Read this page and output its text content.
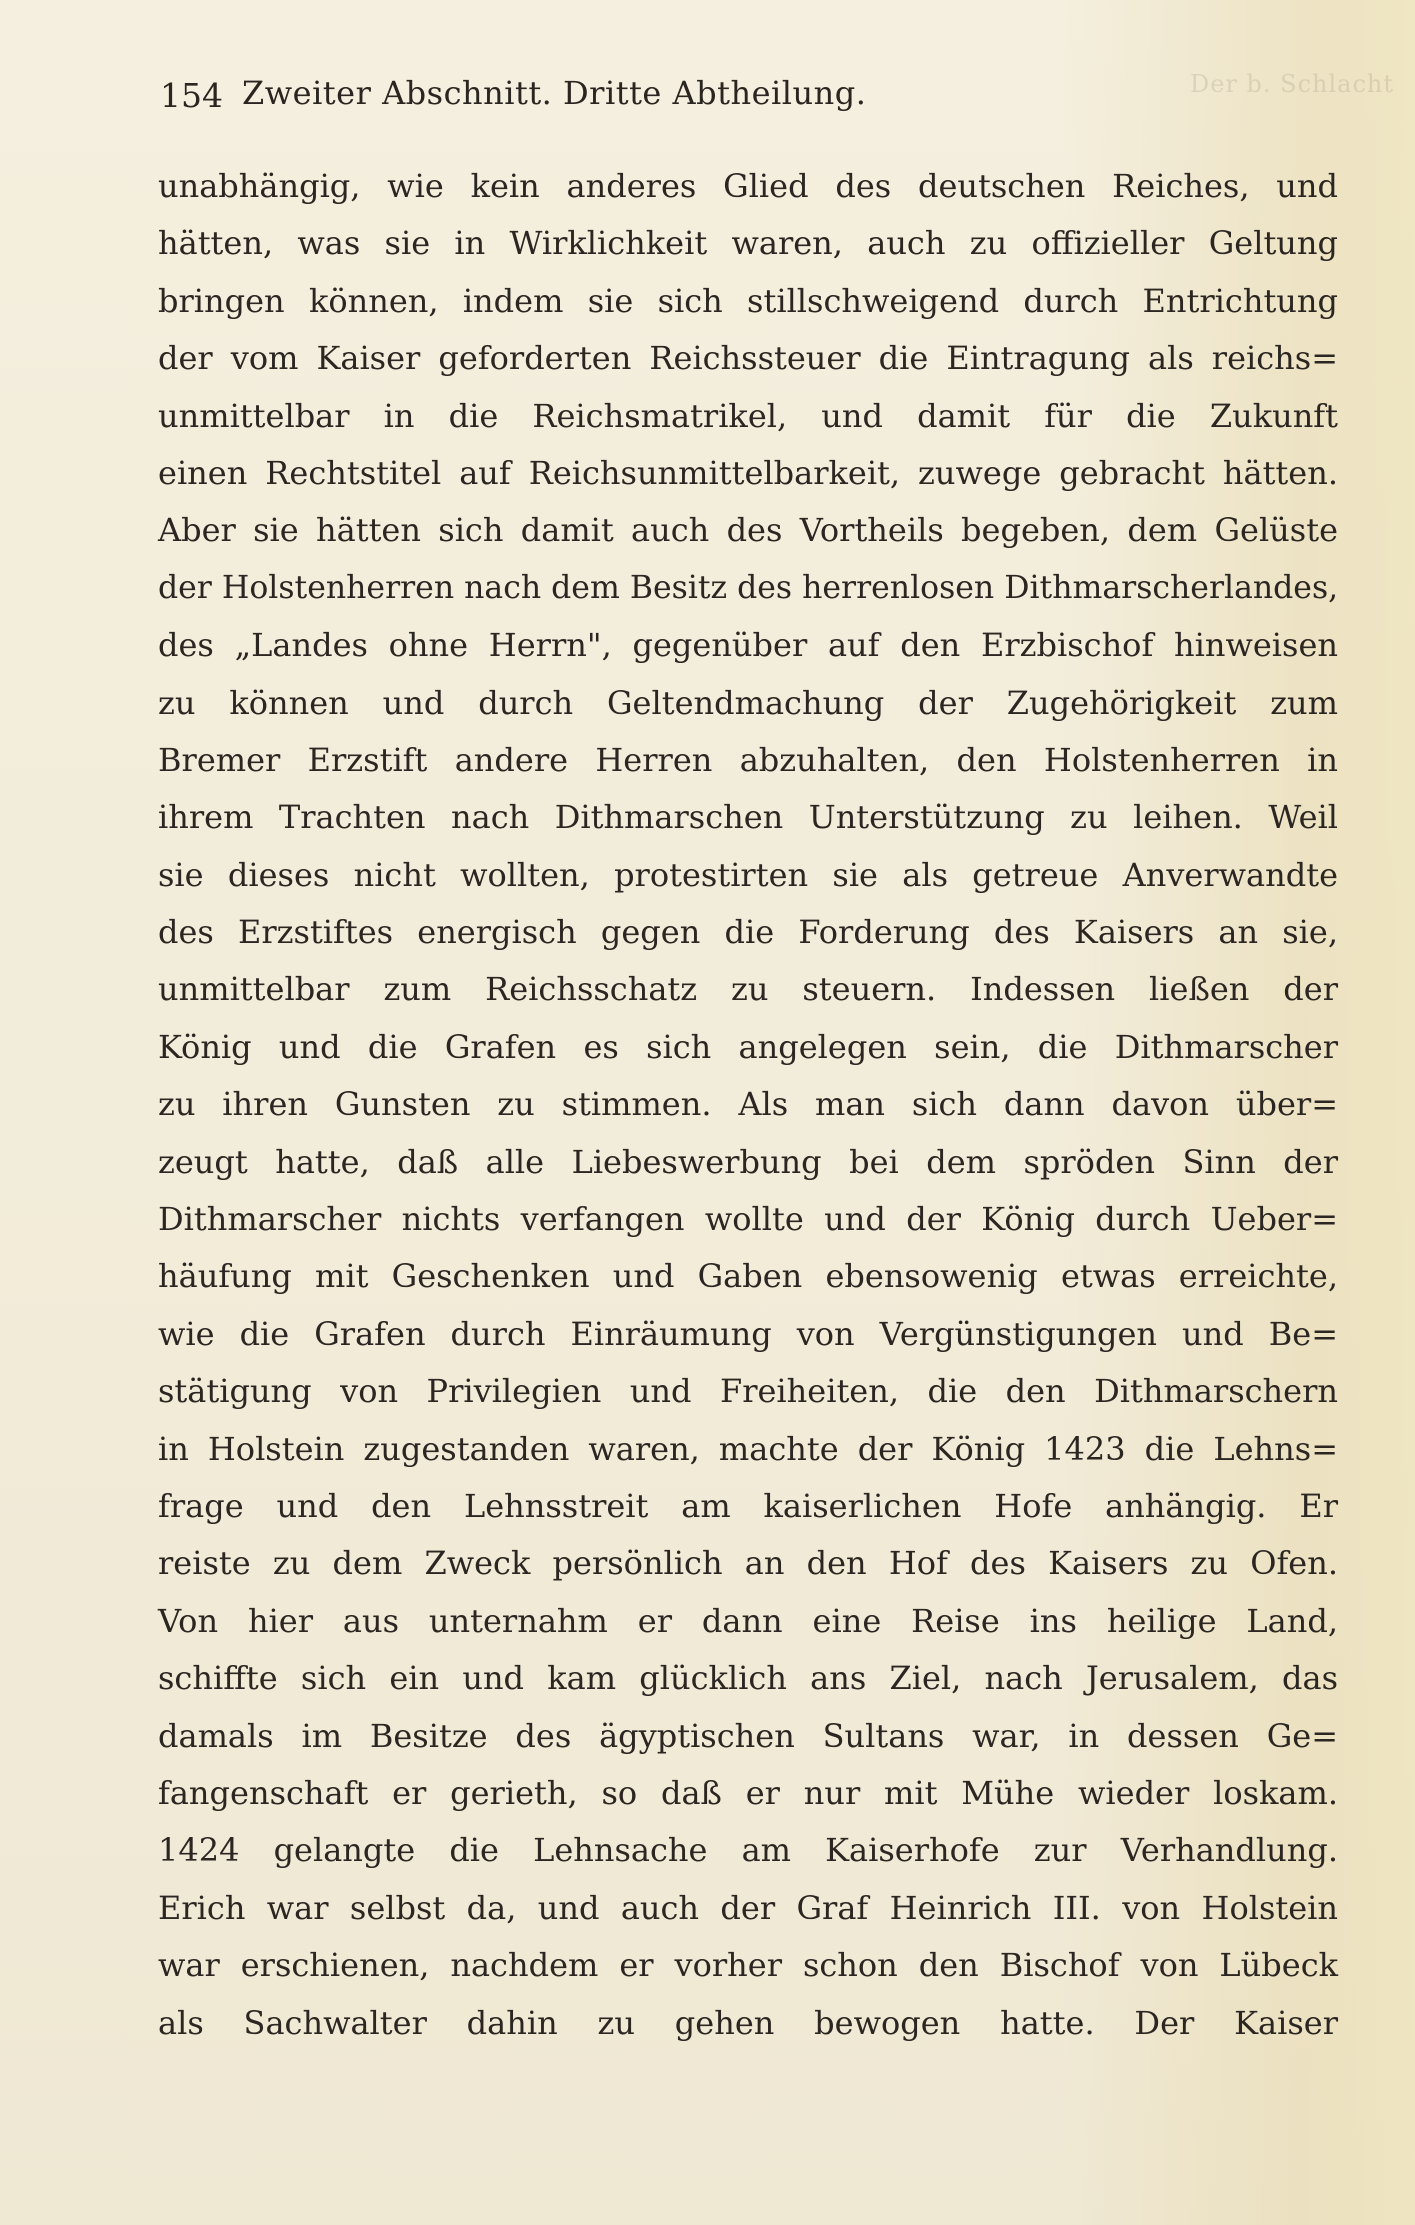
Der b. Schlacht
154 Zweiter Abschnitt. Dritte Abtheilung.
unabhängig, wie kein anderes Glied des deutschen Reiches, und
hätten, was sie in Wirklichkeit waren, auch zu offizieller Geltung
bringen können, indem sie sich stillschweigend durch Entrichtung
der vom Kaiser geforderten Reichssteuer die Eintragung als reichs=
unmittelbar in die Reichsmatrikel, und damit für die Zukunft
einen Rechtstitel auf Reichsunmittelbarkeit, zuwege gebracht hätten.
Aber sie hätten sich damit auch des Vortheils begeben, dem Gelüste
der Holstenherren nach dem Besitz des herrenlosen Dithmarscherlandes,
des „Landes ohne Herrn", gegenüber auf den Erzbischof hinweisen
zu können und durch Geltendmachung der Zugehörigkeit zum
Bremer Erzstift andere Herren abzuhalten, den Holstenherren in
ihrem Trachten nach Dithmarschen Unterstützung zu leihen. Weil
sie dieses nicht wollten, protestirten sie als getreue Anverwandte
des Erzstiftes energisch gegen die Forderung des Kaisers an sie,
unmittelbar zum Reichsschatz zu steuern. Indessen ließen der
König und die Grafen es sich angelegen sein, die Dithmarscher
zu ihren Gunsten zu stimmen. Als man sich dann davon über=
zeugt hatte, daß alle Liebeswerbung bei dem spröden Sinn der
Dithmarscher nichts verfangen wollte und der König durch Ueber=
häufung mit Geschenken und Gaben ebensowenig etwas erreichte,
wie die Grafen durch Einräumung von Vergünstigungen und Be=
stätigung von Privilegien und Freiheiten, die den Dithmarschern
in Holstein zugestanden waren, machte der König 1423 die Lehns=
frage und den Lehnsstreit am kaiserlichen Hofe anhängig. Er
reiste zu dem Zweck persönlich an den Hof des Kaisers zu Ofen.
Von hier aus unternahm er dann eine Reise ins heilige Land,
schiffte sich ein und kam glücklich ans Ziel, nach Jerusalem, das
damals im Besitze des ägyptischen Sultans war, in dessen Ge=
fangenschaft er gerieth, so daß er nur mit Mühe wieder loskam.
1424 gelangte die Lehnsache am Kaiserhofe zur Verhandlung.
Erich war selbst da, und auch der Graf Heinrich III. von Holstein
war erschienen, nachdem er vorher schon den Bischof von Lübeck
als Sachwalter dahin zu gehen bewogen hatte. Der Kaiser
